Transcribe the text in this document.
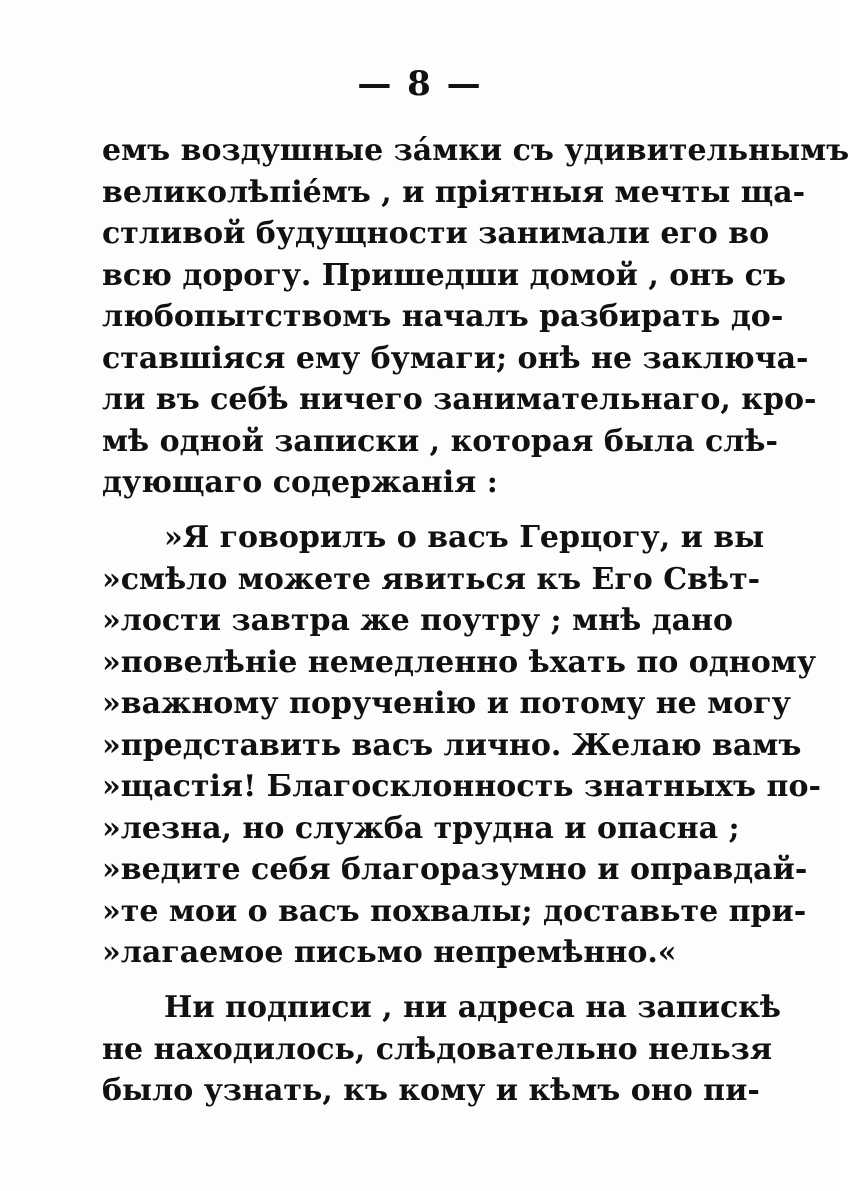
— 8 —
емъ воздушные за́мки съ удивительнымъ
великолѣпіе́мъ , и пріятныя мечты ща-
стливой будущности занимали его во
всю дорогу. Пришедши домой , онъ съ
любопытствомъ началъ разбирать до-
ставшіяся ему бумаги; онѣ не заключа-
ли въ себѣ ничего занимательнаго, кро-
мѣ одной записки , которая была слѣ-
дующаго содержанія :
»Я говорилъ о васъ Герцогу, и вы
»смѣло можете явиться къ Его Свѣт-
»лости завтра же поутру ; мнѣ дано
»повелѣніе немедленно ѣхать по одному
»важному порученію и потому не могу
»представить васъ лично. Желаю вамъ
»щастія! Благосклонность знатныхъ по-
»лезна, но служба трудна и опасна ;
»ведите себя благоразумно и оправдай-
»те мои о васъ похвалы; доставьте при-
»лагаемое письмо непремѣнно.«
Ни подписи , ни адреса на запискѣ
не находилось, слѣдовательно нельзя
было узнать, къ кому и кѣмъ оно пи-
